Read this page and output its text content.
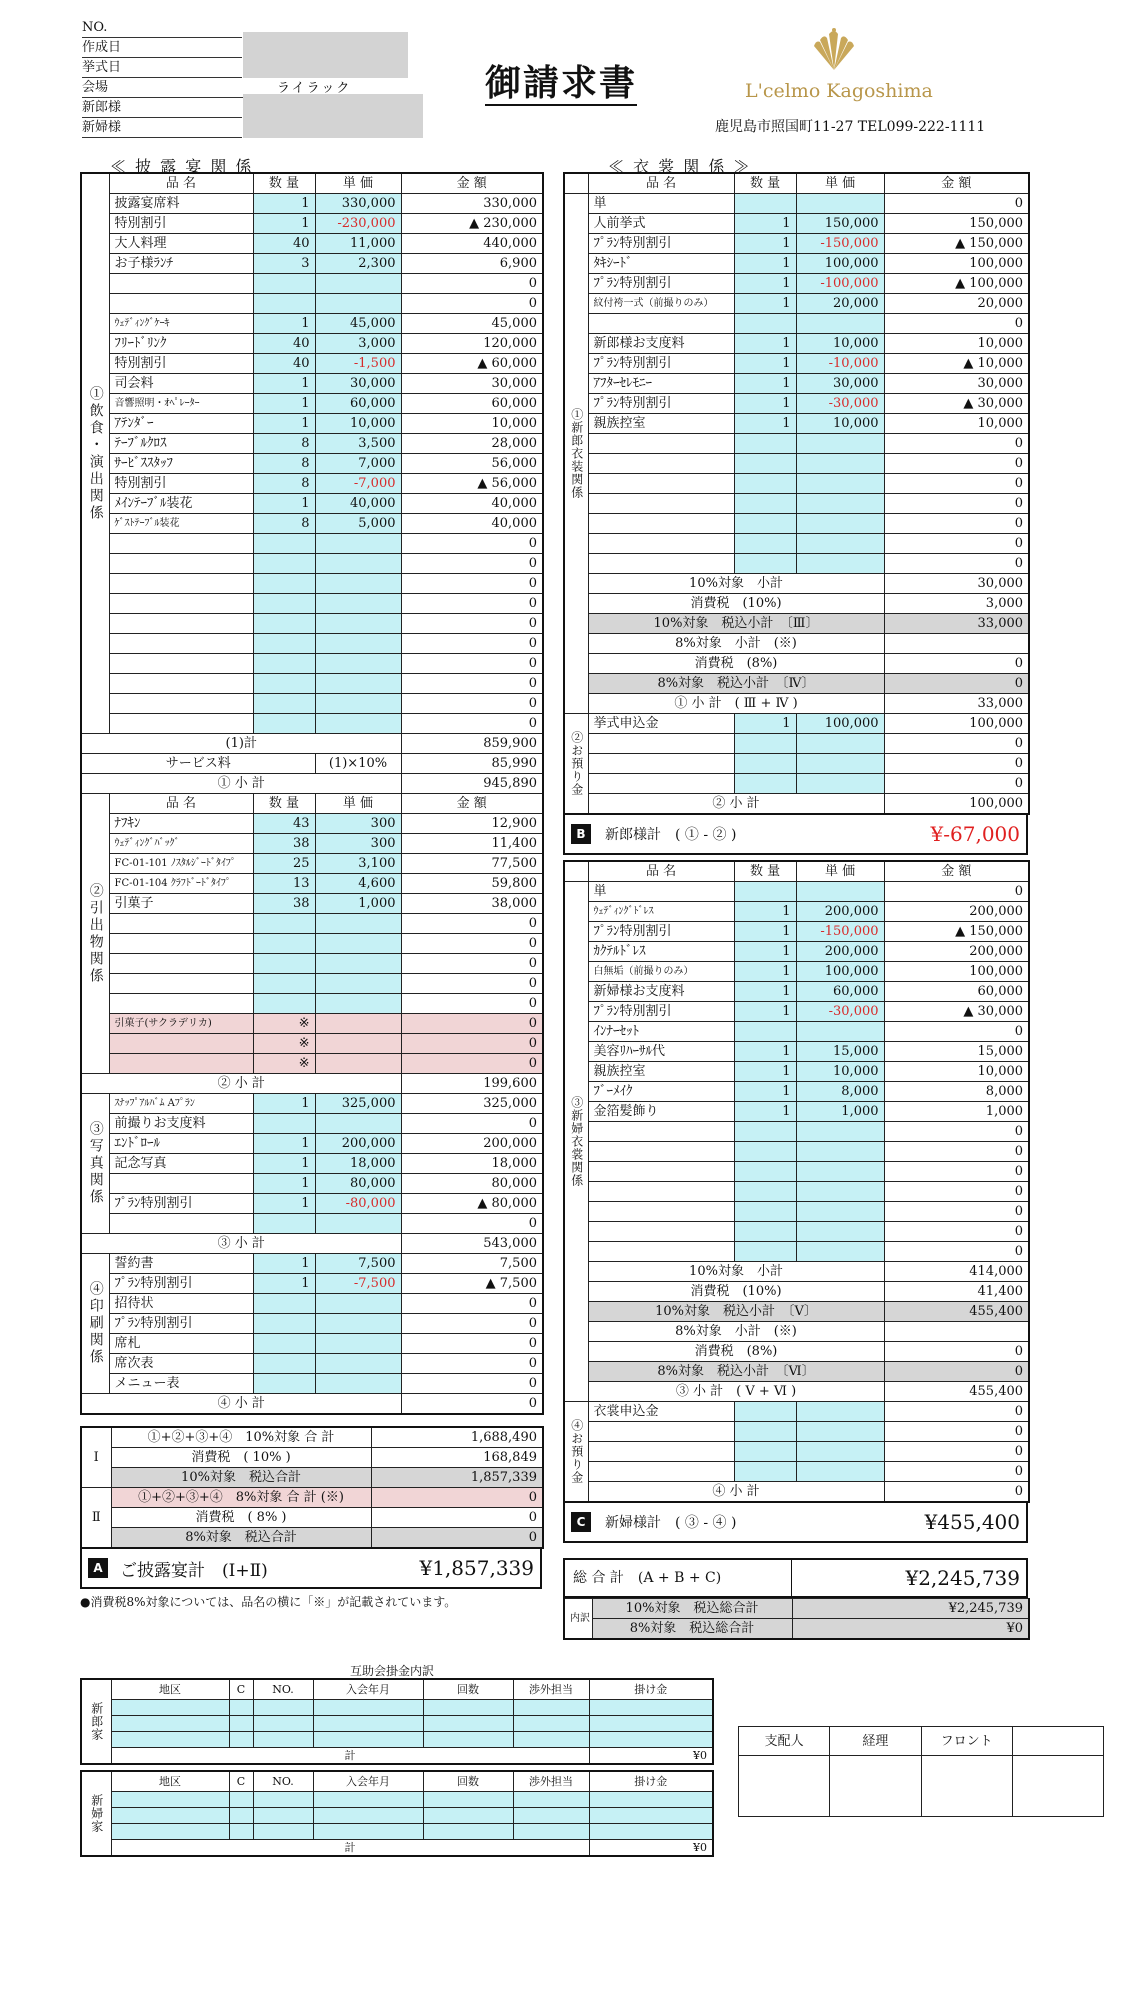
NO.
作成日
挙式日
会場
新郎様
新婦様
ライラック	御請求書	L'celmo Kagoshima
鹿児島市照国町11-27 TEL099-222-1111
≪ 披 露 宴 関 係	≪ 衣 裳 関 係 ≫
①飲食・演出関係	品 名	数 量	単 価	金 額
	披露宴席料	1	330,000	330,000
	特別割引	1	-230,000	▲ 230,000
	大人料理	40	11,000	440,000
	お子様ﾗﾝﾁ	3	2,300	6,900
				0
				0
	ｳｪﾃﾞｨﾝｸﾞｹｰｷ	1	45,000	45,000
	ﾌﾘｰﾄﾞﾘﾝｸ	40	3,000	120,000
	特別割引	40	-1,500	▲ 60,000
	司会料	1	30,000	30,000
	音響照明・ｵﾍﾟﾚｰﾀｰ	1	60,000	60,000
	ｱﾃﾝﾀﾞｰ	1	10,000	10,000
	ﾃｰﾌﾞﾙｸﾛｽ	8	3,500	28,000
	ｻｰﾋﾞｽｽﾀｯﾌ	8	7,000	56,000
	特別割引	8	-7,000	▲ 56,000
	ﾒｲﾝﾃｰﾌﾞﾙ装花	1	40,000	40,000
	ｹﾞｽﾄﾃｰﾌﾞﾙ装花	8	5,000	40,000
				0
				0
				0
				0
				0
				0
				0
				0
				0
				0
(1)計				859,900
サービス料			(1)×10%	85,990
① 小 計				945,890
②引出物関係	品 名	数 量	単 価	金 額
	ﾅﾌｷﾝ	43	300	12,900
	ｳｪﾃﾞｨﾝｸﾞﾊﾞｯｸﾞ	38	300	11,400
	FC-01-101 ﾉｽﾀﾙｼﾞｰﾄﾞﾀｲﾌﾟ	25	3,100	77,500
	FC-01-104 ｸﾗﾌﾄﾞｰﾄﾞﾀｲﾌﾟ	13	4,600	59,800
	引菓子	38	1,000	38,000
				0
				0
				0
				0
				0
	引菓子(サクラデリカ)	※		0
		※		0
		※		0
② 小 計				199,600
③写真関係	ｽﾅｯﾌﾟｱﾙﾊﾞﾑ Aﾌﾟﾗﾝ	1	325,000	325,000
	前撮りお支度料			0
	ｴﾝﾄﾞﾛｰﾙ	1	200,000	200,000
	記念写真	1	18,000	18,000
		1	80,000	80,000
	ﾌﾟﾗﾝ特別割引	1	-80,000	▲ 80,000
				0
③ 小 計				543,000
④印刷関係	誓約書	1	7,500	7,500
	ﾌﾟﾗﾝ特別割引	1	-7,500	▲ 7,500
	招待状			0
	ﾌﾟﾗﾝ特別割引			0
	席札			0
	席次表			0
	メニュー表			0
④ 小 計				0
Ⅰ	①+②+③+④　10%対象 合 計	1,688,490
	消費税　( 10% )	168,849
	10%対象　税込合計	1,857,339
Ⅱ	①+②+③+④　8%対象 合 計 (※)	0
	消費税　( 8% )	0
	8%対象　税込合計	0
A	ご披露宴計　(Ⅰ+Ⅱ)	¥1,857,339
●消費税8%対象については、品名の横に「※」が記載されています。
	品 名	数 量	単 価	金 額
①新郎衣装関係	単			0
	人前挙式	1	150,000	150,000
	ﾌﾟﾗﾝ特別割引	1	-150,000	▲ 150,000
	ﾀｷｼｰﾄﾞ	1	100,000	100,000
	ﾌﾟﾗﾝ特別割引	1	-100,000	▲ 100,000
	紋付袴一式（前撮りのみ）	1	20,000	20,000
				0
	新郎様お支度料	1	10,000	10,000
	ﾌﾟﾗﾝ特別割引	1	-10,000	▲ 10,000
	ｱﾌﾀｰｾﾚﾓﾆｰ	1	30,000	30,000
	ﾌﾟﾗﾝ特別割引	1	-30,000	▲ 30,000
	親族控室	1	10,000	10,000
				0
				0
				0
				0
				0
				0
				0
	10%対象　小計			30,000
	消費税　(10%)			3,000
	10%対象　税込小計　〔Ⅲ〕			33,000
	8%対象　小計　(※)			
	消費税　(8%)			0
	8%対象　税込小計　〔Ⅳ〕			0
	① 小 計　( Ⅲ + Ⅳ )			33,000
②お預り金	挙式申込金	1	100,000	100,000
				0
				0
				0
	② 小 計			100,000
B	新郎様計　( ① - ② )	¥-67,000
	品 名	数 量	単 価	金 額
③新婦衣裳関係	単			0
	ｳｪﾃﾞｨﾝｸﾞﾄﾞﾚｽ	1	200,000	200,000
	ﾌﾟﾗﾝ特別割引	1	-150,000	▲ 150,000
	ｶｸﾃﾙﾄﾞﾚｽ	1	200,000	200,000
	白無垢（前撮りのみ）	1	100,000	100,000
	新婦様お支度料	1	60,000	60,000
	ﾌﾟﾗﾝ特別割引	1	-30,000	▲ 30,000
	ｲﾝﾅｰｾｯﾄ			0
	美容ﾘﾊｰｻﾙ代	1	15,000	15,000
	親族控室	1	10,000	10,000
	ﾌﾞｰﾒｲｸ	1	8,000	8,000
	金箔髪飾り	1	1,000	1,000
				0
				0
				0
				0
				0
				0
				0
	10%対象　小計			414,000
	消費税　(10%)			41,400
	10%対象　税込小計　〔Ⅴ〕			455,400
	8%対象　小計　(※)			
	消費税　(8%)			0
	8%対象　税込小計　〔Ⅵ〕			0
	③ 小 計　( Ⅴ + Ⅵ )			455,400
④お預り金	衣裳申込金			0
				0
				0
				0
	④ 小 計			0
C	新婦様計　( ③ - ④ )	¥455,400
総 合 計　(A + B + C)	¥2,245,739
内訳	10%対象　税込総合計	¥2,245,739
	8%対象　税込総合計	¥0
互助会掛金内訳
新郎家	地区	C	NO.	入会年月	回数	渉外担当	掛け金

	計						¥0
新婦家	地区	C	NO.	入会年月	回数	渉外担当	掛け金

	計						¥0
支配人	経理	フロント	
